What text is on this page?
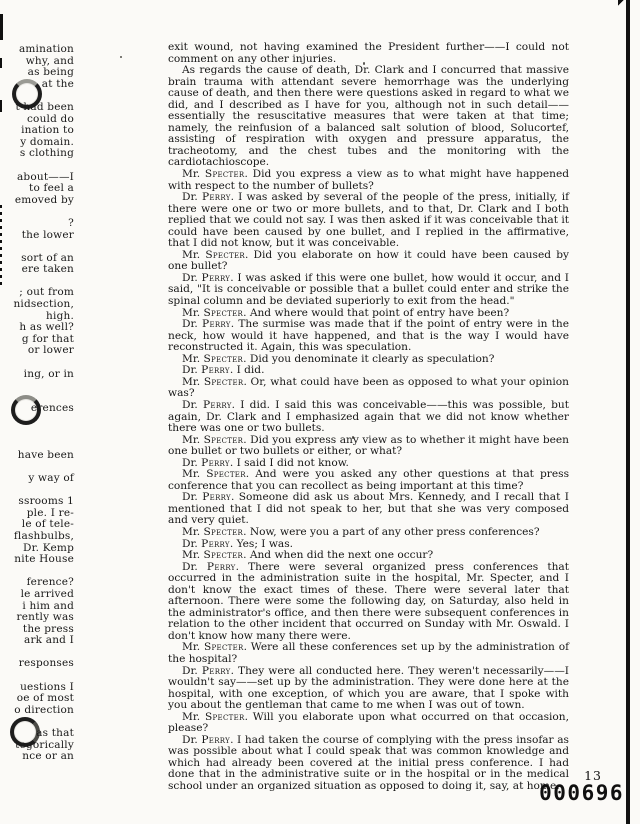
amination
why, and
as being
at the
t had been
could do
ination to
y domain.
s clothing
about——I
to feel a
emoved by
?
the lower
sort of an
ere taken
; out from
nidsection,
high.
h as well?
g for that
or lower
ing, or in
erences
have been
y way of
ssrooms 1
ple. I re-
le of tele-
flashbulbs,
Dr. Kemp
nite House
ference?
le arrived
i him and
rently was
the press
ark and I
responses
uestions I
oe of most
o direction
as that
tegorically
nce or an

exit wound, not having examined the President further——I could not comment on any other injuries.

As regards the cause of death, Dr. Clark and I concurred that massive brain trauma with attendant severe hemorrhage was the underlying cause of death, and then there were questions asked in regard to what we did, and I described as I have for you, although not in such detail——essentially the resuscitative measures that were taken at that time; namely, the reinfusion of a balanced salt solution of blood, Solucortef, assisting of respiration with oxygen and pressure apparatus, the tracheotomy, and the chest tubes and the monitoring with the cardiotachioscope.

Mr. Specter. Did you express a view as to what might have happened with respect to the number of bullets?

Dr. Perry. I was asked by several of the people of the press, initially, if there were one or two or more bullets, and to that, Dr. Clark and I both replied that we could not say. I was then asked if it was conceivable that it could have been caused by one bullet, and I replied in the affirmative, that I did not know, but it was conceivable.

Mr. Specter. Did you elaborate on how it could have been caused by one bullet?

Dr. Perry. I was asked if this were one bullet, how would it occur, and I said, "It is conceivable or possible that a bullet could enter and strike the spinal column and be deviated superiorly to exit from the head."

Mr. Specter. And where would that point of entry have been?

Dr. Perry. The surmise was made that if the point of entry were in the neck, how would it have happened, and that is the way I would have reconstructed it. Again, this was speculation.

Mr. Specter. Did you denominate it clearly as speculation?

Dr. Perry. I did.

Mr. Specter. Or, what could have been as opposed to what your opinion was?

Dr. Perry. I did. I said this was conceivable——this was possible, but again, Dr. Clark and I emphasized again that we did not know whether there was one or two bullets.

Mr. Specter. Did you express any view as to whether it might have been one bullet or two bullets or either, or what?

Dr. Perry. I said I did not know.

Mr. Specter. And were you asked any other questions at that press conference that you can recollect as being important at this time?

Dr. Perry. Someone did ask us about Mrs. Kennedy, and I recall that I mentioned that I did not speak to her, but that she was very composed and very quiet.

Mr. Specter. Now, were you a part of any other press conferences?

Dr. Perry. Yes; I was.

Mr. Specter. And when did the next one occur?

Dr. Perry. There were several organized press conferences that occurred in the administration suite in the hospital, Mr. Specter, and I don't know the exact times of these. There were several later that afternoon. There were some the following day, on Saturday, also held in the administrator's office, and then there were subsequent conferences in relation to the other incident that occurred on Sunday with Mr. Oswald. I don't know how many there were.

Mr. Specter. Were all these conferences set up by the administration of the hospital?

Dr. Perry. They were all conducted here. They weren't necessarily——I wouldn't say——set up by the administration. They were done here at the hospital, with one exception, of which you are aware, that I spoke with you about the gentleman that came to me when I was out of town.

Mr. Specter. Will you elaborate upon what occurred on that occasion, please?

Dr. Perry. I had taken the course of complying with the press insofar as was possible about what I could speak that was common knowledge and which had already been covered at the initial press conference. I had done that in the administrative suite or in the hospital or in the medical school under an organized situation as opposed to doing it, say, at home.

13
000696
